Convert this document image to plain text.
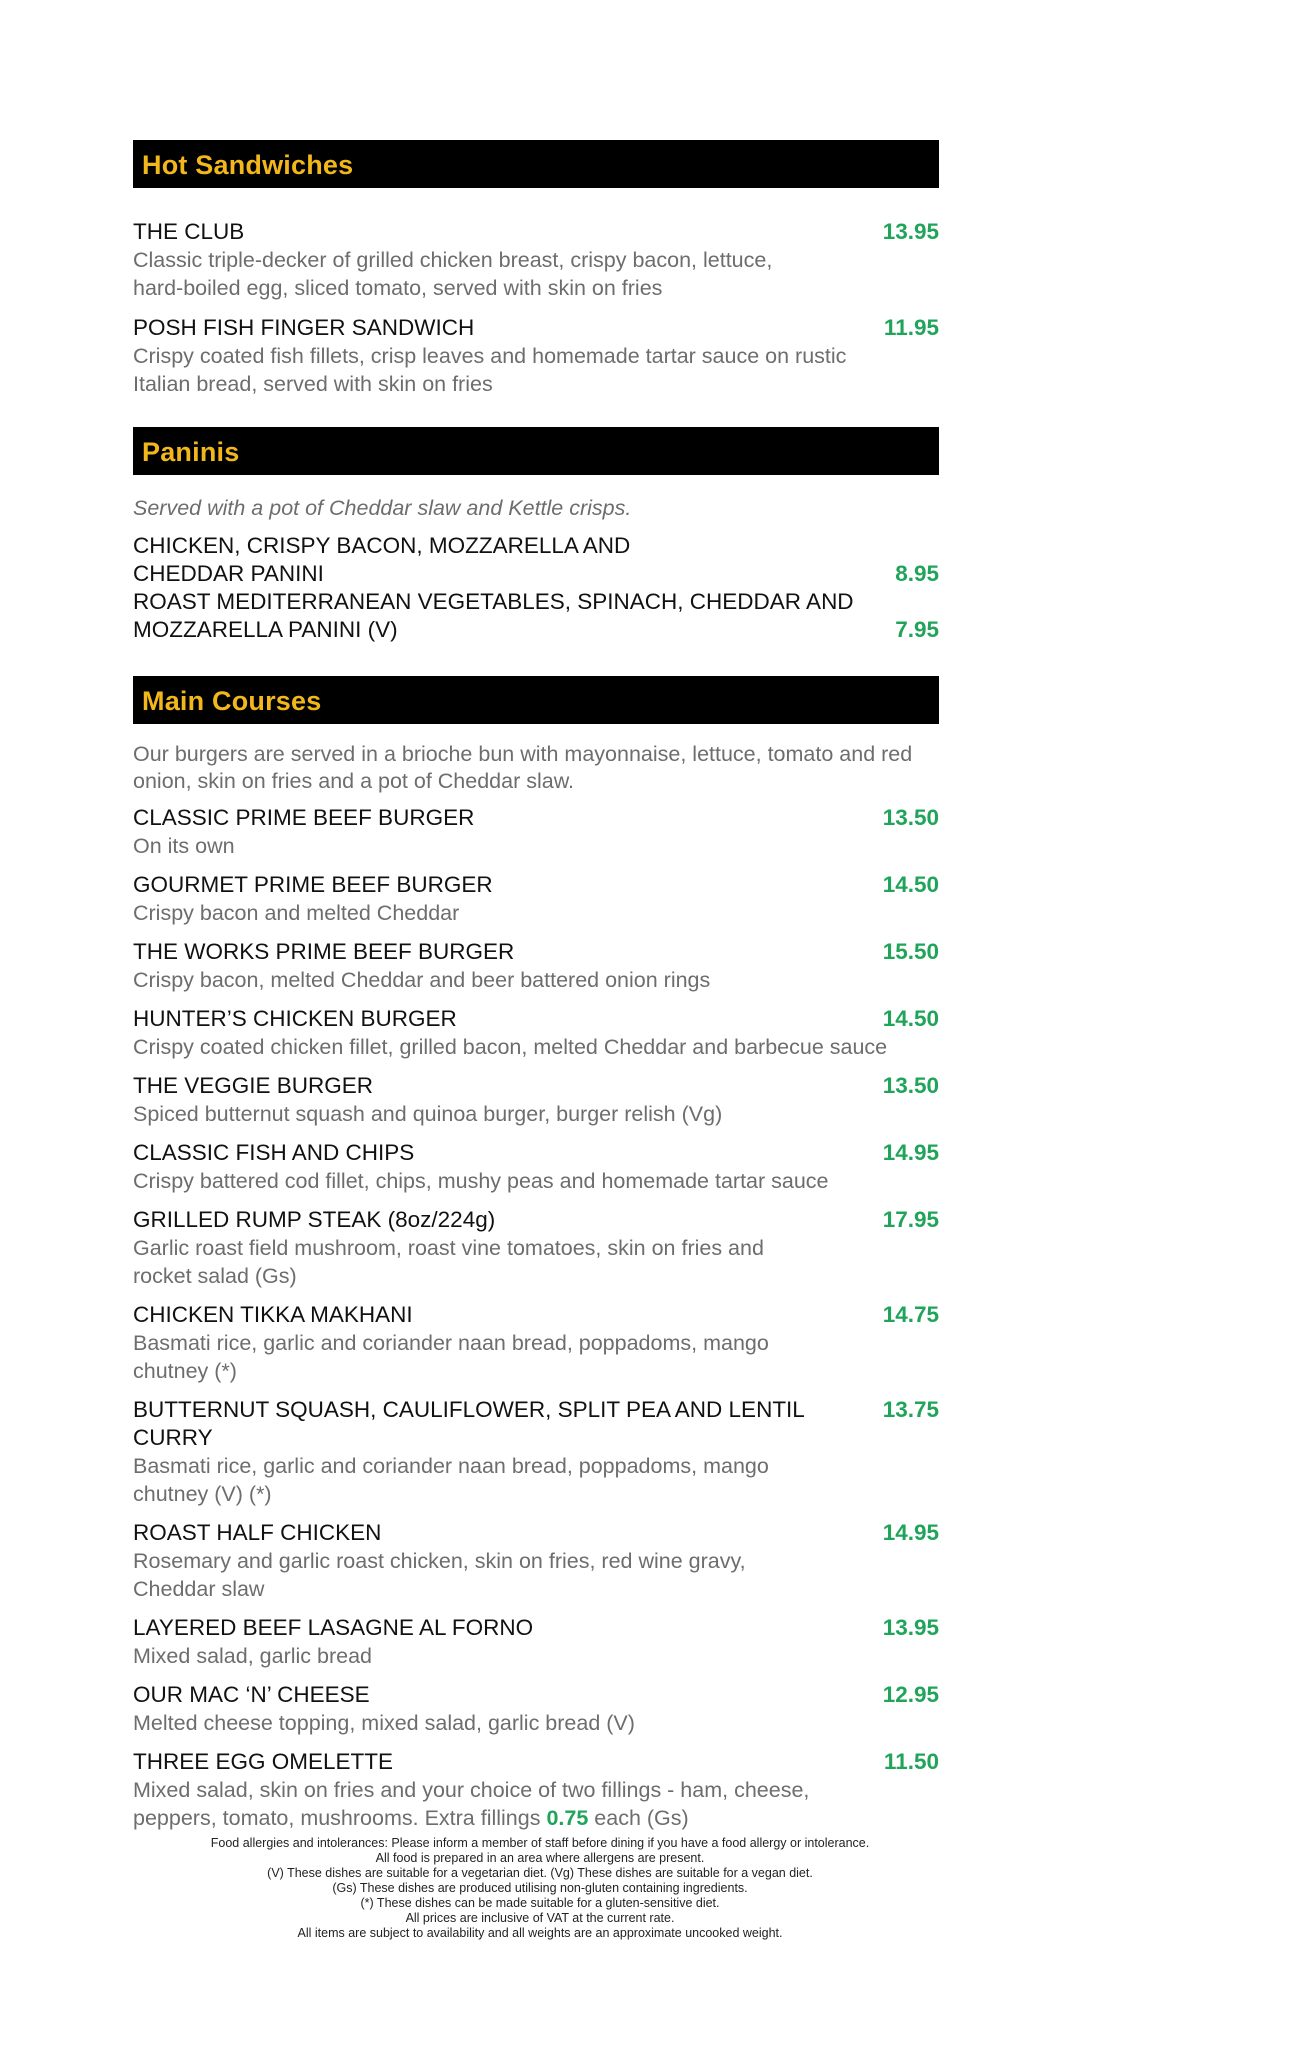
Hot Sandwiches
THE CLUB
Classic triple-decker of grilled chicken breast, crispy bacon, lettuce,
hard-boiled egg, sliced tomato, served with skin on fries
13.95
POSH FISH FINGER SANDWICH
Crispy coated fish fillets, crisp leaves and homemade tartar sauce on rustic
Italian bread, served with skin on fries
11.95
Paninis
Served with a pot of Cheddar slaw and Kettle crisps.
CHICKEN, CRISPY BACON, MOZZARELLA AND
CHEDDAR PANINI	8.95
ROAST MEDITERRANEAN VEGETABLES, SPINACH, CHEDDAR AND
MOZZARELLA PANINI (V)	7.95
Main Courses
Our burgers are served in a brioche bun with mayonnaise, lettuce, tomato and red
onion, skin on fries and a pot of Cheddar slaw.
CLASSIC PRIME BEEF BURGER
On its own
13.50
GOURMET PRIME BEEF BURGER
Crispy bacon and melted Cheddar
14.50
THE WORKS PRIME BEEF BURGER
Crispy bacon, melted Cheddar and beer battered onion rings
15.50
HUNTER’S CHICKEN BURGER
Crispy coated chicken fillet, grilled bacon, melted Cheddar and barbecue sauce
14.50
THE VEGGIE BURGER
Spiced butternut squash and quinoa burger, burger relish (Vg)
13.50
CLASSIC FISH AND CHIPS
Crispy battered cod fillet, chips, mushy peas and homemade tartar sauce
14.95
GRILLED RUMP STEAK (8oz/224g)
Garlic roast field mushroom, roast vine tomatoes, skin on fries and
rocket salad (Gs)
17.95
CHICKEN TIKKA MAKHANI
Basmati rice, garlic and coriander naan bread, poppadoms, mango
chutney (*)
14.75
BUTTERNUT SQUASH, CAULIFLOWER, SPLIT PEA AND LENTIL CURRY
Basmati rice, garlic and coriander naan bread, poppadoms, mango
chutney (V) (*)
13.75
ROAST HALF CHICKEN
Rosemary and garlic roast chicken, skin on fries, red wine gravy,
Cheddar slaw
14.95
LAYERED BEEF LASAGNE AL FORNO
Mixed salad, garlic bread
13.95
OUR MAC ‘N’ CHEESE
Melted cheese topping, mixed salad, garlic bread (V)
12.95
THREE EGG OMELETTE
Mixed salad, skin on fries and your choice of two fillings - ham, cheese,
peppers, tomato, mushrooms. Extra fillings 0.75 each (Gs)
11.50
Food allergies and intolerances: Please inform a member of staff before dining if you have a food allergy or intolerance.
All food is prepared in an area where allergens are present.
(V) These dishes are suitable for a vegetarian diet. (Vg) These dishes are suitable for a vegan diet.
(Gs) These dishes are produced utilising non-gluten containing ingredients.
(*) These dishes can be made suitable for a gluten-sensitive diet.
All prices are inclusive of VAT at the current rate.
All items are subject to availability and all weights are an approximate uncooked weight.
